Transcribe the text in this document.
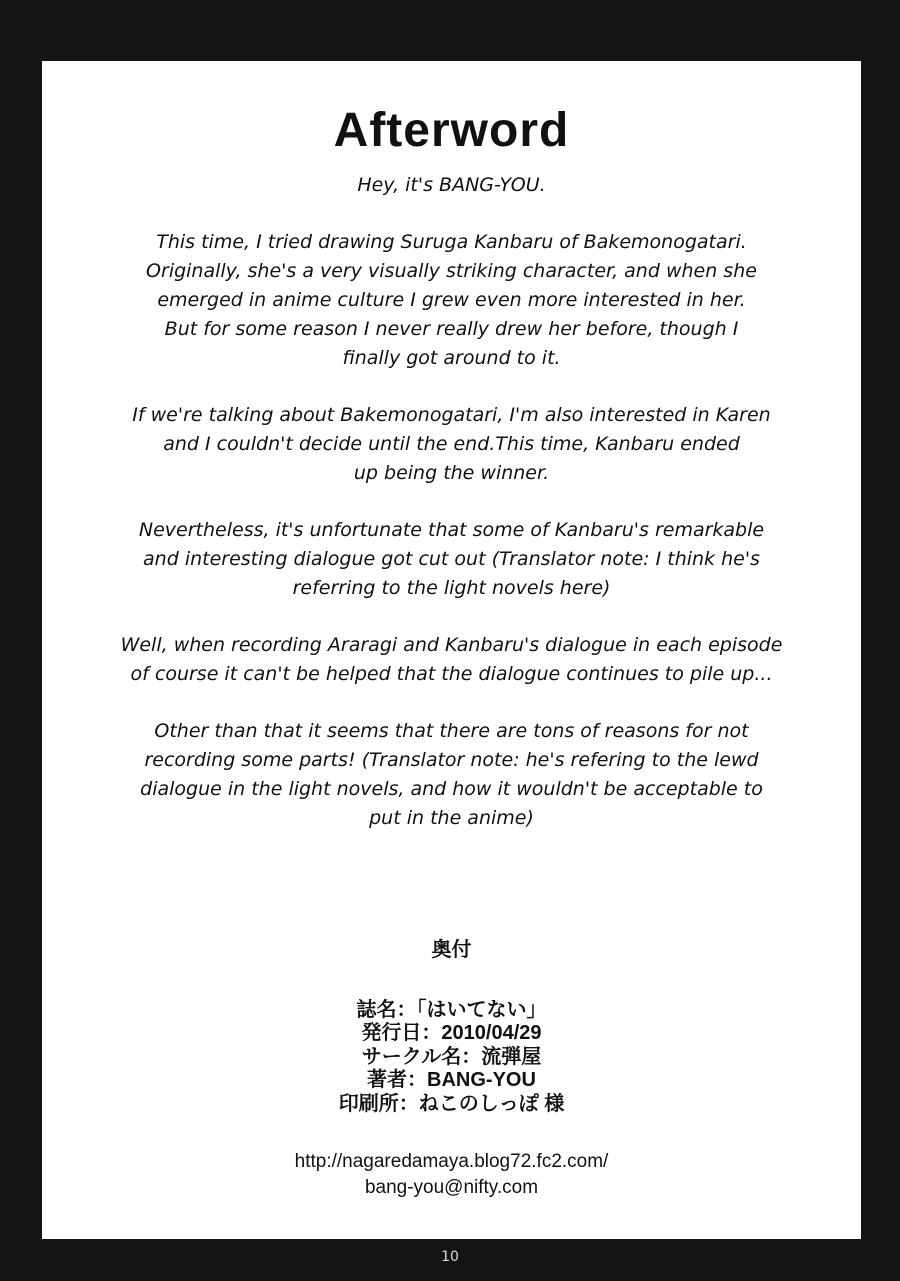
Afterword

Hey, it's BANG-YOU.

This time, I tried drawing Suruga Kanbaru of Bakemonogatari.
Originally, she's a very visually striking character, and when she
emerged in anime culture I grew even more interested in her.
But for some reason I never really drew her before, though I
finally got around to it.

If we're talking about Bakemonogatari, I'm also interested in Karen
and I couldn't decide until the end.This time, Kanbaru ended
up being the winner.

Nevertheless, it's unfortunate that some of Kanbaru's remarkable
and interesting dialogue got cut out (Translator note: I think he's
referring to the light novels here)

Well, when recording Araragi and Kanbaru's dialogue in each episode
of course it can't be helped that the dialogue continues to pile up...

Other than that it seems that there are tons of reasons for not
recording some parts! (Translator note: he's refering to the lewd
dialogue in the light novels, and how it wouldn't be acceptable to
put in the anime)

奥付
誌名：「はいてない」
発行日：2010/04/29
サークル名：流弾屋
著者：BANG-YOU
印刷所：ねこのしっぽ 様
http://nagaredamaya.blog72.fc2.com/
bang-you@nifty.com
10
